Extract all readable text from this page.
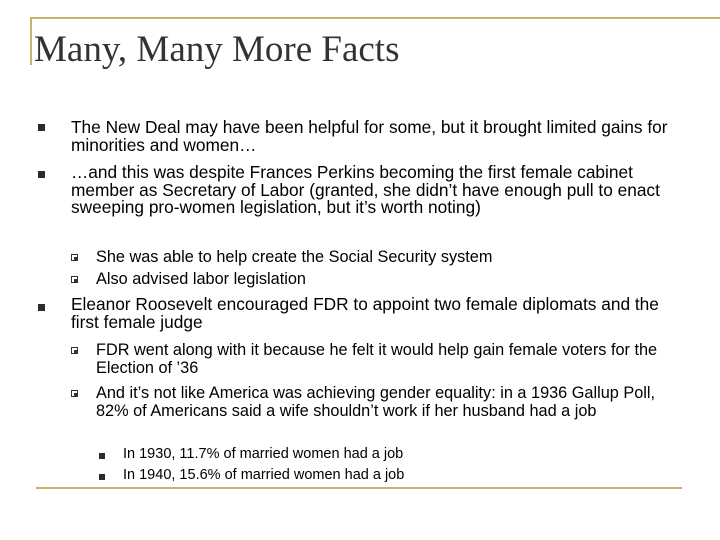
Many, Many More Facts
The New Deal may have been helpful for some, but it brought limited gains for minorities and women…
…and this was despite Frances Perkins becoming the first female cabinet member as Secretary of Labor (granted, she didn’t have enough pull to enact sweeping pro-women legislation, but it’s worth noting)
She was able to help create the Social Security system
Also advised labor legislation
Eleanor Roosevelt encouraged FDR to appoint two female diplomats and the first female judge
FDR went along with it because he felt it would help gain female voters for the Election of ’36
And it’s not like America was achieving gender equality: in a 1936 Gallup Poll, 82% of Americans said a wife shouldn’t work if her husband had a job
In 1930, 11.7% of married women had a job
In 1940, 15.6% of married women had a job
